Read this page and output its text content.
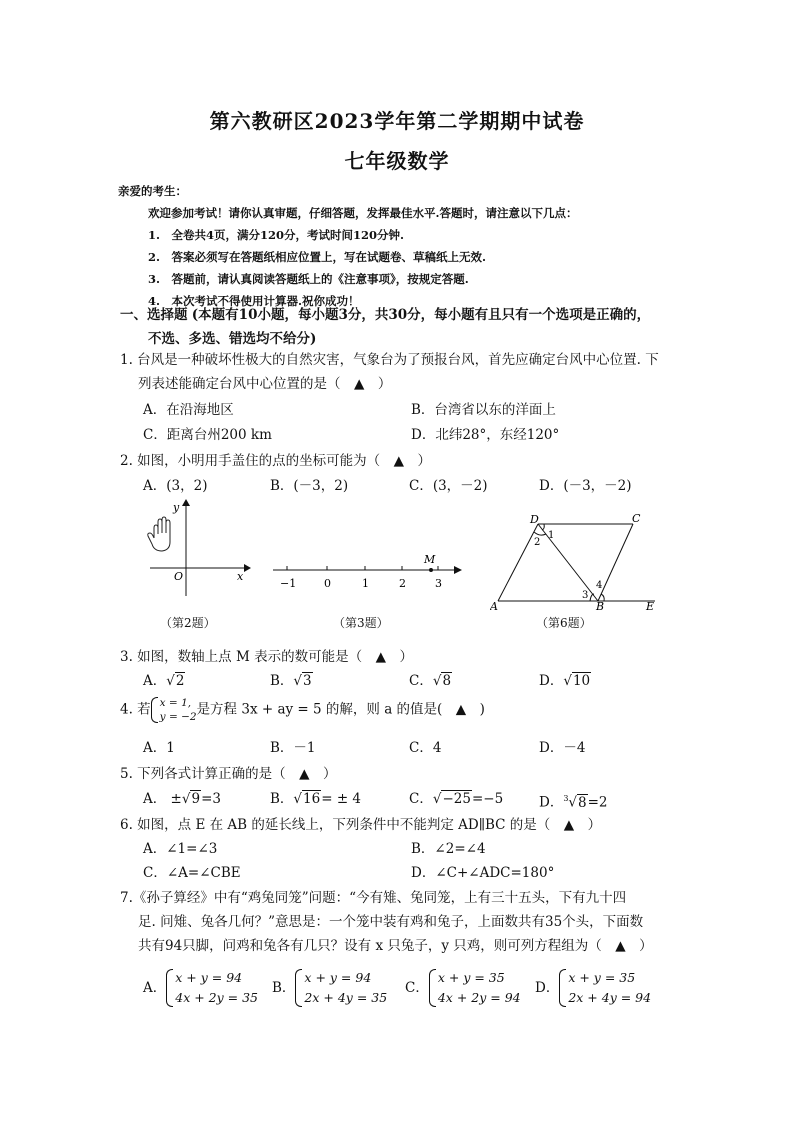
第六教研区2023学年第二学期期中试卷
七年级数学
亲爱的考生：
欢迎参加考试！请你认真审题，仔细答题，发挥最佳水平.答题时，请注意以下几点：
1.　全卷共4页，满分120分，考试时间120分钟.
2.　答案必须写在答题纸相应位置上，写在试题卷、草稿纸上无效.
3.　答题前，请认真阅读答题纸上的《注意事项》，按规定答题.
4.　本次考试不得使用计算器.祝你成功！
一、选择题 (本题有10小题，每小题3分，共30分，每小题有且只有一个选项是正确的，
不选、多选、错选均不给分)
1. 台风是一种破坏性极大的自然灾害，气象台为了预报台风，首先应确定台风中心位置. 下
列表述能确定台风中心位置的是（　▲　）
A．在沿海地区	B．台湾省以东的洋面上
C．距离台州200 km	D．北纬28°，东经120°
2. 如图，小明用手盖住的点的坐标可能为（　▲　）
A．(3，2)	B．(－3，2)	C．(3，－2)	D．(－3，－2)
x
y
O
（第2题）
−1	0	1	2	3
M
（第3题）
D	C
A	B	E
1
2
3
4
（第6题）
3. 如图，数轴上点 M 表示的数可能是（　▲　）
A．√2	B．√3	C．√8	D．√10
4. 若 x = 1,
y = −2 是方程 3x + ay = 5 的解，则 a 的值是(　▲　)
A．1	B．－1	C．4	D．－4
5. 下列各式计算正确的是（　▲　）
A． ±√9=3	B．√16= ± 4	C．√−25=−5	D．$^3$√8=2
6. 如图，点 E 在 AB 的延长线上，下列条件中不能判定 AD∥BC 的是（　▲　）
A．∠1=∠3	B．∠2=∠4
C．∠A=∠CBE	D．∠C+∠ADC=180°
7.《孙子算经》中有“鸡兔同笼”问题：“今有雉、兔同笼，上有三十五头，下有九十四
足. 问雉、兔各几何？”意思是：一个笼中装有鸡和兔子，上面数共有35个头，下面数
共有94只脚，问鸡和兔各有几只？设有 x 只兔子，y 只鸡，则可列方程组为（　▲　）
A．
x + y = 94
4x + 2y = 35
B．
x + y = 94
2x + 4y = 35
C．
x + y = 35
4x + 2y = 94
D．
x + y = 35
2x + 4y = 94
